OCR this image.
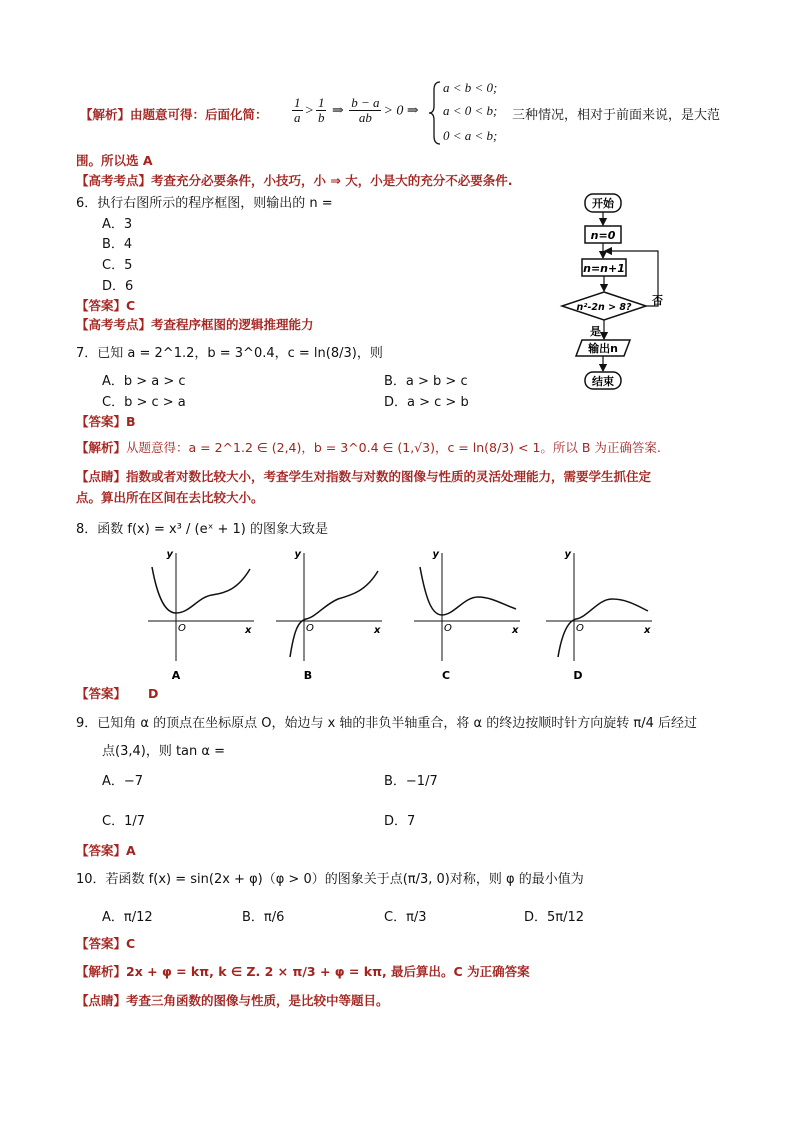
【解析】由题意可得：后面化简： $\frac{1}{a} > \frac{1}{b}$ ⇒ $\frac{b - a}{ab} > 0$ ⇒
a < b < 0;
a < 0 < b;
0 < a < b;
三种情况，相对于前面来说，是大范
围。所以选 A
【高考考点】考查充分必要条件，小技巧，小 ⇒ 大，小是大的充分不必要条件.
6．执行右图所示的程序框图，则输出的 n =
A．3
B．4
C．5
D．6
【答案】C
【高考考点】考查程序框图的逻辑推理能力
开始
n=0
n=n+1
n²-2n > 8?
否
是
输出n
结束
7．已知 a = 2^1.2，b = 3^0.4，c = ln(8/3)，则
A．b > a > c	B．a > b > c
C．b > c > a	D．a > c > b
【答案】B
【解析】从题意得：a = 2^1.2 ∈ (2,4)，b = 3^0.4 ∈ (1,√3)，c = ln(8/3) < 1。所以 B 为正确答案.
【点睛】指数或者对数比较大小，考查学生对指数与对数的图像与性质的灵活处理能力，需要学生抓住定
点。算出所在区间在去比较大小。
8．函数 f(x) = x³ / (eˣ + 1) 的图象大致是
y
x
O
A
y
x
O
B
y
x
O
C
y
x
O
D
【答案】 D
9．已知角 α 的顶点在坐标原点 O，始边与 x 轴的非负半轴重合，将 α 的终边按顺时针方向旋转 π/4 后经过
点(3,4)，则 tan α =
A．−7	B．−1/7
C．1/7	D．7
【答案】A
10．若函数 f(x) = sin(2x + φ)（φ > 0）的图象关于点(π/3, 0)对称，则 φ 的最小值为
A．π/12	B．π/6	C．π/3	D．5π/12
【答案】C
【解析】2x + φ = kπ, k ∈ Z. 2 × π/3 + φ = kπ, 最后算出。C 为正确答案
【点睛】考查三角函数的图像与性质，是比较中等题目。
